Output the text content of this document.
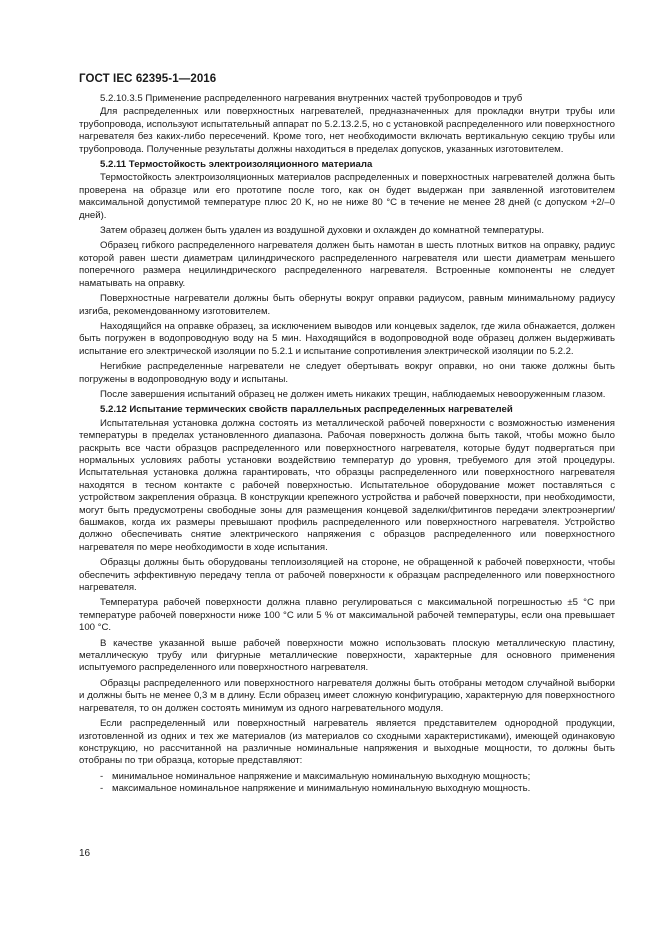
ГОСТ IEC 62395-1—2016

5.2.10.3.5 Применение распределенного нагревания внутренних частей трубопроводов и труб

Для распределенных или поверхностных нагревателей, предназначенных для прокладки внутри трубы или трубопровода, используют испытательный аппарат по 5.2.13.2.5, но с установкой распределенного или поверхностного нагревателя без каких-либо пересечений. Кроме того, нет необходимости включать вертикальную секцию трубы или трубопровода. Полученные результаты должны находиться в пределах допусков, указанных изготовителем.

5.2.11 Термостойкость электроизоляционного материала

Термостойкость электроизоляционных материалов распределенных и поверхностных нагревателей должна быть проверена на образце или его прототипе после того, как он будет выдержан при заявленной изготовителем максимальной допустимой температуре плюс 20 K, но не ниже 80 °С в течение не менее 28 дней (с допуском +2/–0 дней).

Затем образец должен быть удален из воздушной духовки и охлажден до комнатной температуры.

Образец гибкого распределенного нагревателя должен быть намотан в шесть плотных витков на оправку, радиус которой равен шести диаметрам цилиндрического распределенного нагревателя или шести диаметрам меньшего поперечного размера нецилиндрического распределенного нагревателя. Встроенные компоненты не следует наматывать на оправку.

Поверхностные нагреватели должны быть обернуты вокруг оправки радиусом, равным минимальному радиусу изгиба, рекомендованному изготовителем.

Находящийся на оправке образец, за исключением выводов или концевых заделок, где жила обнажается, должен быть погружен в водопроводную воду на 5 мин. Находящийся в водопроводной воде образец должен выдерживать испытание его электрической изоляции по 5.2.1 и испытание сопротивления электрической изоляции по 5.2.2.

Негибкие распределенные нагреватели не следует обертывать вокруг оправки, но они также должны быть погружены в водопроводную воду и испытаны.

После завершения испытаний образец не должен иметь никаких трещин, наблюдаемых невооруженным глазом.

5.2.12 Испытание термических свойств параллельных распределенных нагревателей

Испытательная установка должна состоять из металлической рабочей поверхности с возможностью изменения температуры в пределах установленного диапазона. Рабочая поверхность должна быть такой, чтобы можно было раскрыть все части образцов распределенного или поверхностного нагревателя, которые будут подвергаться при нормальных условиях работы установки воздействию температур до уровня, требуемого для этой процедуры. Испытательная установка должна гарантировать, что образцы распределенного или поверхностного нагревателя находятся в тесном контакте с рабочей поверхностью. Испытательное оборудование может поставляться с устройством закрепления образца. В конструкции крепежного устройства и рабочей поверхности, при необходимости, могут быть предусмотрены свободные зоны для размещения концевой заделки/фитингов передачи электроэнергии/башмаков, когда их размеры превышают профиль распределенного или поверхностного нагревателя. Устройство должно обеспечивать снятие электрического напряжения с образцов распределенного или поверхностного нагревателя по мере необходимости в ходе испытания.

Образцы должны быть оборудованы теплоизоляцией на стороне, не обращенной к рабочей поверхности, чтобы обеспечить эффективную передачу тепла от рабочей поверхности к образцам распределенного или поверхностного нагревателя.

Температура рабочей поверхности должна плавно регулироваться с максимальной погрешностью ±5 °С при температуре рабочей поверхности ниже 100 °С или 5 % от максимальной рабочей температуры, если она превышает 100 °С.

В качестве указанной выше рабочей поверхности можно использовать плоскую металлическую пластину, металлическую трубу или фигурные металлические поверхности, характерные для основного применения испытуемого распределенного или поверхностного нагревателя.

Образцы распределенного или поверхностного нагревателя должны быть отобраны методом случайной выборки и должны быть не менее 0,3 м в длину. Если образец имеет сложную конфигурацию, характерную для поверхностного нагревателя, то он должен состоять минимум из одного нагревательного модуля.

Если распределенный или поверхностный нагреватель является представителем однородной продукции, изготовленной из одних и тех же материалов (из материалов со сходными характеристиками), имеющей одинаковую конструкцию, но рассчитанной на различные номинальные напряжения и выходные мощности, то должны быть отобраны по три образца, которые представляют:

- минимальное номинальное напряжение и максимальную номинальную выходную мощность;
- максимальное номинальное напряжение и минимальную номинальную выходную мощность.
16
